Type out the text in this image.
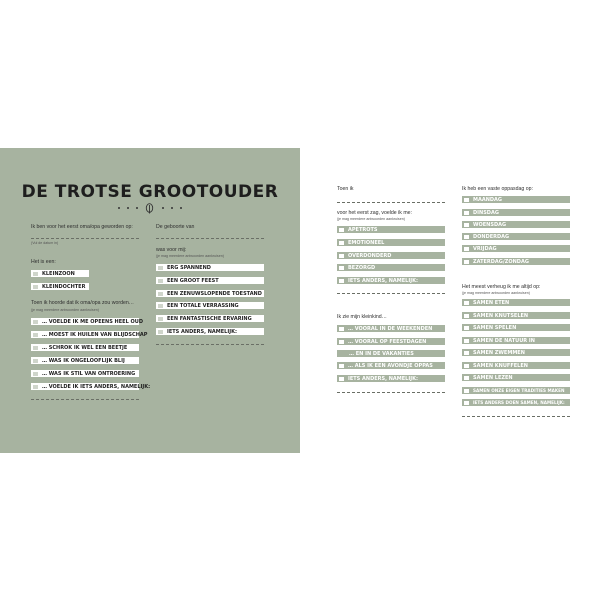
DE TROTSE GROOTOUDER
Ik ben voor het eerst oma/opa geworden op:
(Vul de datum in)
Het is een:
KLEINZOON
KLEINDOCHTER
Toen ik hoorde dat ik oma/opa zou worden…
(je mag meerdere antwoorden aankruisen)
… VOELDE IK ME OPEENS HEEL OUD
… MOEST IK HUILEN VAN BLIJDSCHAP
… SCHROK IK WEL EEN BEETJE
… WAS IK ONGELOOFLIJK BLIJ
… WAS IK STIL VAN ONTROERING
… VOELDE IK IETS ANDERS, NAMELIJK:
De geboorte van
was voor mij:
(je mag meerdere antwoorden aankruisen)
ERG SPANNEND
EEN GROOT FEEST
EEN ZENUWSLOPENDE TOESTAND
EEN TOTALE VERRASSING
EEN FANTASTISCHE ERVARING
IETS ANDERS, NAMELIJK:
Toen ik
voor het eerst zag, voelde ik me:
(je mag meerdere antwoorden aankruisen)
APETROTS
EMOTIONEEL
OVERDONDERD
BEZORGD
IETS ANDERS, NAMELIJK:
Ik zie mijn kleinkind…
… VOORAL IN DE WEEKENDEN
… VOORAL OP FEESTDAGEN
… EN IN DE VAKANTIES
… ALS IK EEN AVONDJE OPPAS
IETS ANDERS, NAMELIJK:
Ik heb een vaste oppasdag op:
MAANDAG
DINSDAG
WOENSDAG
DONDERDAG
VRIJDAG
ZATERDAG/ZONDAG
Het meest verheug ik me altijd op:
(je mag meerdere antwoorden aankruisen)
SAMEN ETEN
SAMEN KNUTSELEN
SAMEN SPELEN
SAMEN DE NATUUR IN
SAMEN ZWEMMEN
SAMEN KNUFFELEN
SAMEN LEZEN
SAMEN ONZE EIGEN TRADITIES MAKEN
IETS ANDERS DOEN SAMEN, NAMELIJK:
